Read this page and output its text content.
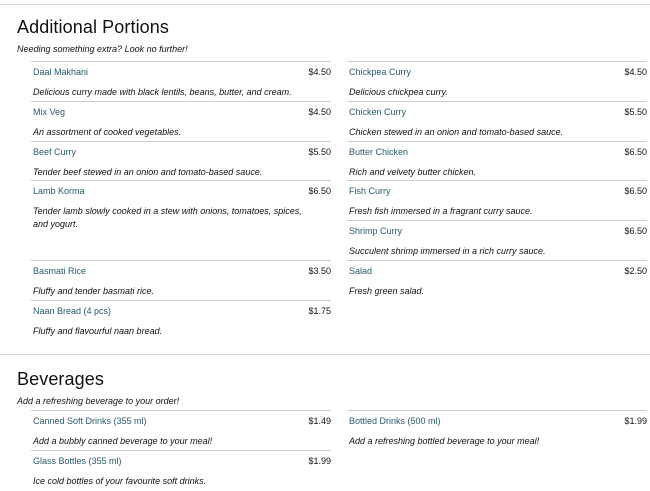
Additional Portions
Needing something extra? Look no further!
Daal Makhani	$4.50
Delicious curry made with black lentils, beans, butter, and cream.
Mix Veg	$4.50
An assortment of cooked vegetables.
Beef Curry	$5.50
Tender beef stewed in an onion and tomato-based sauce.
Lamb Korma	$6.50
Tender lamb slowly cooked in a stew with onions, tomatoes, spices, and yogurt.
Basmati Rice	$3.50
Fluffy and tender basmati rice.
Naan Bread (4 pcs)	$1.75
Fluffy and flavourful naan bread.
Chickpea Curry	$4.50
Delicious chickpea curry.
Chicken Curry	$5.50
Chicken stewed in an onion and tomato-based sauce.
Butter Chicken	$6.50
Rich and velvety butter chicken.
Fish Curry	$6.50
Fresh fish immersed in a fragrant curry sauce.
Shrimp Curry	$6.50
Succulent shrimp immersed in a rich curry sauce.
Salad	$2.50
Fresh green salad.
Beverages
Add a refreshing beverage to your order!
Canned Soft Drinks (355 ml)	$1.49
Add a bubbly canned beverage to your meal!
Glass Bottles (355 ml)	$1.99
Ice cold bottles of your favourite soft drinks.
Bottled Drinks (500 ml)	$1.99
Add a refreshing bottled beverage to your meal!
